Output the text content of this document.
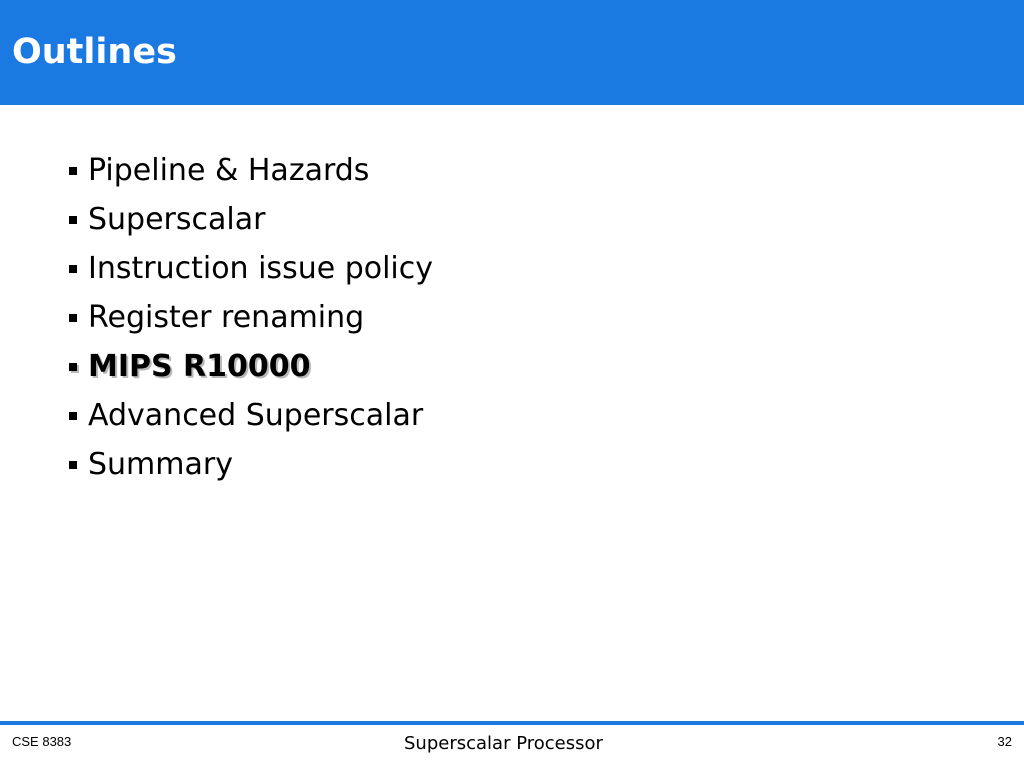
Outlines
Pipeline & Hazards
Superscalar
Instruction issue policy
Register renaming
MIPS R10000
Advanced Superscalar
Summary
CSE 8383	Superscalar Processor	32
